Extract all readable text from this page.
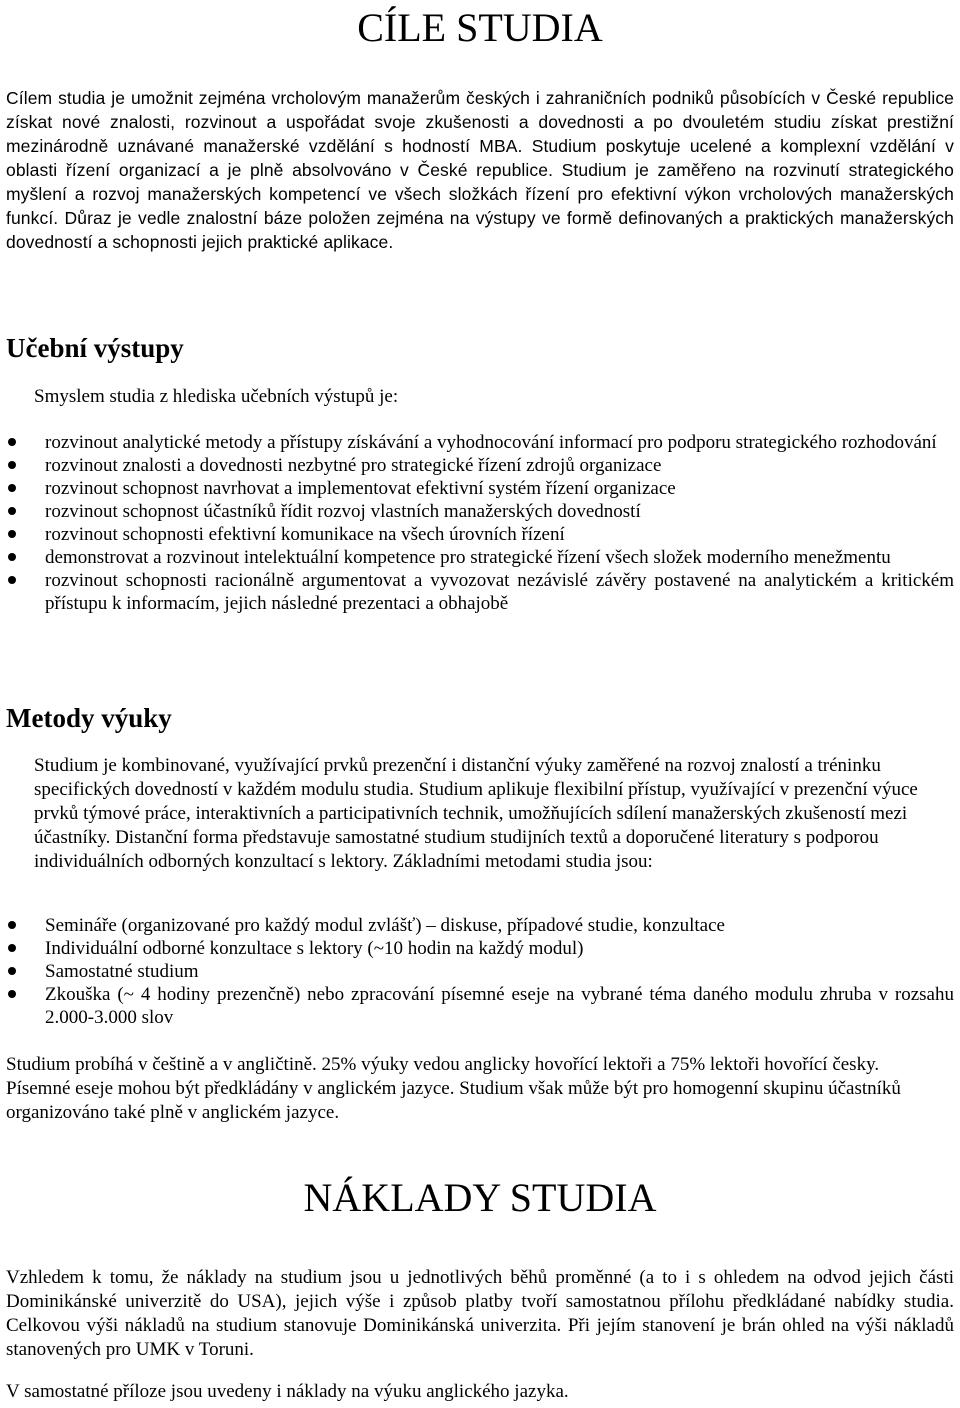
CÍLE STUDIA

Cílem studia je umožnit zejména vrcholovým manažerům českých i zahraničních podniků působících v České republice získat nové znalosti, rozvinout a uspořádat svoje zkušenosti a dovednosti a po dvouletém studiu získat prestižní mezinárodně uznávané manažerské vzdělání s hodností MBA. Studium poskytuje ucelené a komplexní vzdělání v oblasti řízení organizací a je plně absolvováno v České republice. Studium je zaměřeno na rozvinutí strategického myšlení a rozvoj manažerských kompetencí ve všech složkách řízení pro efektivní výkon vrcholových manažerských funkcí. Důraz je vedle znalostní báze položen zejména na výstupy ve formě definovaných a praktických manažerských dovedností a schopnosti jejich praktické aplikace.

Učební výstupy

Smyslem studia z hlediska učebních výstupů je:

rozvinout analytické metody a přístupy získávání a vyhodnocování informací pro podporu strategického rozhodování
rozvinout znalosti a dovednosti nezbytné pro strategické řízení zdrojů organizace
rozvinout schopnost navrhovat a implementovat efektivní systém řízení organizace
rozvinout schopnost účastníků řídit rozvoj vlastních manažerských dovedností
rozvinout schopnosti efektivní komunikace na všech úrovních řízení
demonstrovat a rozvinout intelektuální kompetence pro strategické řízení všech složek moderního menežmentu
rozvinout schopnosti racionálně argumentovat a vyvozovat nezávislé závěry postavené na analytickém a kritickém přístupu k informacím, jejich následné prezentaci a obhajobě
Metody výuky

Studium je kombinované, využívající prvků prezenční i distanční výuky zaměřené na rozvoj znalostí a tréninku specifických dovedností v každém modulu studia. Studium aplikuje flexibilní přístup, využívající v prezenční výuce prvků týmové práce, interaktivních a participativních technik, umožňujících sdílení manažerských zkušeností mezi účastníky. Distanční forma představuje samostatné studium studijních textů a doporučené literatury s podporou individuálních odborných konzultací s lektory. Základními metodami studia jsou:

Semináře (organizované pro každý modul zvlášť) – diskuse, případové studie, konzultace
Individuální odborné konzultace s lektory (~10 hodin na každý modul)
Samostatné studium
Zkouška (~ 4 hodiny prezenčně) nebo zpracování písemné eseje na vybrané téma daného modulu zhruba v rozsahu 2.000-3.000 slov

Studium probíhá v češtině a v angličtině. 25% výuky vedou anglicky hovořící lektoři a 75% lektoři hovořící česky. Písemné eseje mohou být předkládány v anglickém jazyce. Studium však může být pro homogenní skupinu účastníků organizováno také plně v anglickém jazyce.

NÁKLADY STUDIA

Vzhledem k tomu, že náklady na studium jsou u jednotlivých běhů proměnné (a to i s ohledem na odvod jejich části Dominikánské univerzitě do USA), jejich výše i způsob platby tvoří samostatnou přílohu předkládané nabídky studia. Celkovou výši nákladů na studium stanovuje Dominikánská univerzita. Při jejím stanovení je brán ohled na výši nákladů stanovených pro UMK v Toruni.

V samostatné příloze jsou uvedeny i náklady na výuku anglického jazyka.
